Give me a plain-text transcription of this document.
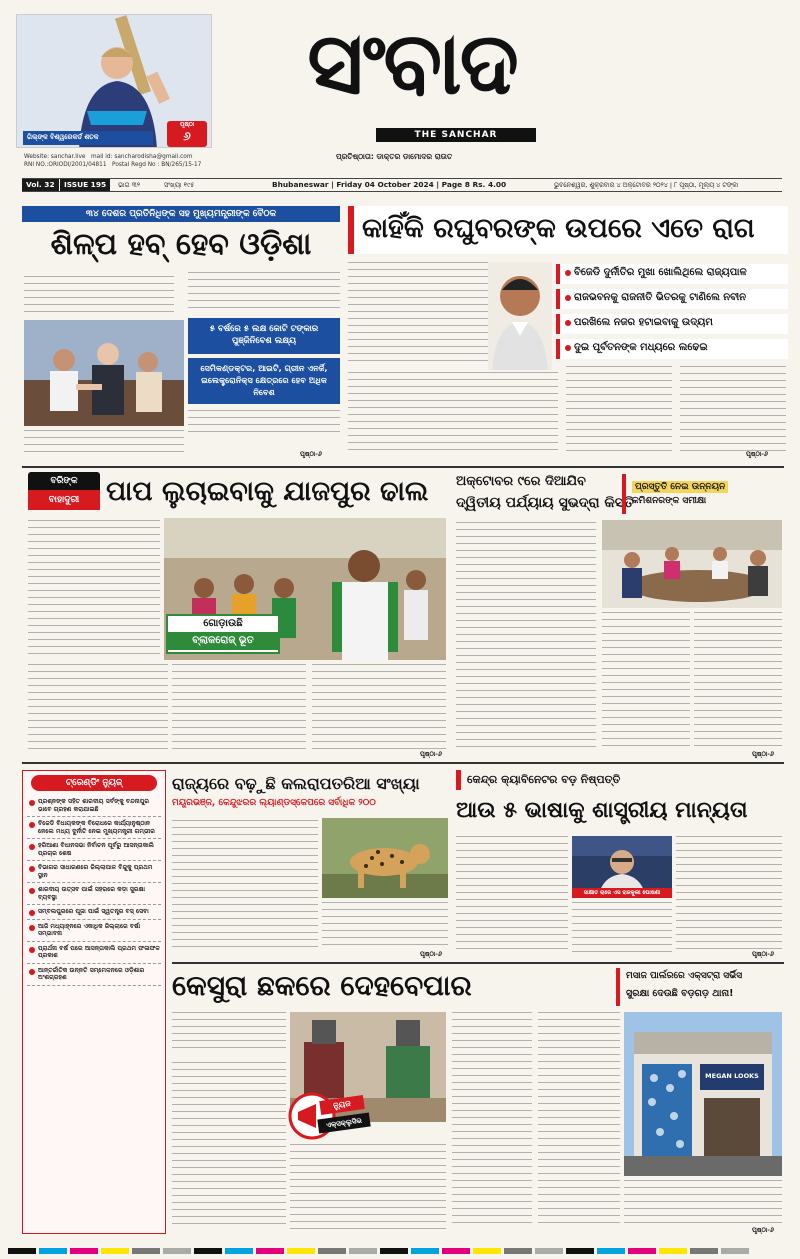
ଗିଲ୍ଙ୍କ ବିଶ୍ୱରେକର୍ଡ ଶତକ
ପୃଷ୍ଠା
୬
ସଂବାଦ
THE SANCHAR
ପ୍ରତିଷ୍ଠାତା: ଡାକ୍ତର ଡାମୋଦର ରାଉତ
Website: sanchar.live mail id: sancharodisha@gmail.com
RNI NO.:ORIODI/2001/04811 Postal Regd No : BN/265/15-17
Vol. 32	ISSUE 195	ଭାଗ ୩୨	ସଂଖ୍ୟା ୧୯୫	Bhubaneswar | Friday 04 October 2024 | Page 8 Rs. 4.00	ଭୁବନେଶ୍ୱର, ଶୁକ୍ରବାର ୪ ଅକ୍ଟୋବର ୨୦୨୪ | ୮ ପୃଷ୍ଠା, ମୂଲ୍ୟ ୪ ଟଙ୍କା
୩୪ ଦେଶର ପ୍ରତିନିଧିଙ୍କ ସହ ମୁଖ୍ୟମନ୍ତ୍ରୀଙ୍କ ବୈଠକ
ଶିଳ୍ପ ହବ୍ ହେବ ଓଡ଼ିଶା
୫ ବର୍ଷରେ ୫ ଲକ୍ଷ କୋଟି ଟଙ୍କାର ପୁଞ୍ଜିନିବେଶ ଲକ୍ଷ୍ୟ
ସେମିକଣ୍ଡକ୍ଟର, ଆଇଟି, ଗ୍ରୀନ ଏନର୍ଜି, ଇଲେକ୍ଟ୍ରୋନିକ୍ସ କ୍ଷେତ୍ରରେ ହେବ ଅଧିକ ନିବେଶ
ପୃଷ୍ଠା-୬
କାହିଁକି ରଘୁବରଙ୍କ ଉପରେ ଏତେ ରାଗ
ବିଜେଡି ଦୁର୍ନୀତିର ମୁଖା ଖୋଲିଥିଲେ ରାଜ୍ୟପାଳ
ରାଜଭବନକୁ ରାଜନୀତି ଭିତରକୁ ଟାଣିଲେ ନବୀନ
ପରଖିଲେ ନଜର ହଟାଇବାକୁ ଉଦ୍ୟମ
ଦୁଇ ପୂର୍ବତନଙ୍କ ମଧ୍ୟରେ ଲଢେଇ
ପୃଷ୍ଠା-୬
ବରିଙ୍କ
ବାହାଦୁରୀ ପାପ ଲୁଚାଇବାକୁ ଯାଜପୁର ଢାଲ
ଗୋଡ଼ାଉଛି
ବ୍ଲାକରୋଜ୍ ଭୂତ
ପୃଷ୍ଠା-୬
ଅକ୍ଟୋବର ୯ରେ ଦିଆଯିବ
ଦ୍ୱିତୀୟ ପର୍ଯ୍ୟାୟ ସୁଭଦ୍ରା କିସ୍ତି
ପ୍ରସ୍ତୁତି ନେଇ ଉନ୍ନୟନ
କମିଶନରଙ୍କ ସମୀକ୍ଷା
ପୃଷ୍ଠା-୬
ଟ୍ରେଣ୍ଡିଂ ନ୍ୟୁଜ୍
ପ୍ରଶ୍ନଙ୍କ ସହିତ ଶାରଦୀୟ ସର୍ବଙ୍କୁ ବନ୍ଦନାପୁର ଭାବେ ଗ୍ରହଣ କରାଯାଇଛି
ବିଜେଡି ବିଧାୟକଙ୍କ ବିରୋଧରେ କାର୍ଯ୍ୟାନୁଷ୍ଠାନ ନେଲେ ମଧ୍ୟ ଦୁର୍ନୀତି ନେଇ ମୁଖ୍ୟମନ୍ତ୍ରୀ ଗମ୍ଭୀର
ହରିଆଣା ବିଧାନସଭା ନିର୍ବାଚନ ପୂର୍ବରୁ ଆସନ୍ତାକାଲି ପ୍ରଚାର ଶେଷ
ବିଭାଗର ସାଧାରଣରେ ଜିଲ୍ଲାପାଳ ବିନ୍ଦୁକୁ ପ୍ରଥମ ସ୍ଥାନ
ଶାରଦୀୟ ଉତ୍ସବ ପାଇଁ ସହରରେ କଡ଼ା ସୁରକ୍ଷା ବ୍ୟବସ୍ଥା
ସମ୍ବଲପୁରରେ ପୂଜା ପାଇଁ ସ୍ୱତନ୍ତ୍ର ବସ୍ ସେବା
ଆଜି ମଧ୍ୟାହ୍ନରେ ଏକାଧିକ ଜିଲ୍ଲାରେ ବର୍ଷା ସମ୍ଭାବନା
ପ୍ରାର୍ଥନା ବର୍ଷ ପରେ ଆସନ୍ତାକାଲି ପ୍ରଥମ ଫଳାଫଳ ପ୍ରକାଶ
ଆନ୍ତର୍ଜାତିକ ଉନ୍ନତି ସମ୍ମେଳନରେ ଓଡ଼ିଶାର ଅଂଶଗ୍ରହଣ
ରାଜ୍ୟରେ ବଢ଼ୁଛି କଲରାପତରିଆ ସଂଖ୍ୟା
ମୟୂରଭଞ୍ଜ, କେନ୍ଦୁଝରର ଲ୍ୟାଣ୍ଡସ୍କେପରେ ସର୍ବାଧିକ ୨୦୦
ପୃଷ୍ଠା-୬
କେନ୍ଦ୍ର କ୍ୟାବିନେଟର ବଡ଼ ନିଷ୍ପତ୍ତି
ଆଉ ୫ ଭାଷାକୁ ଶାସ୍ତ୍ରୀୟ ମାନ୍ୟତା
ସାକ୍ଷାତ ରାଜେ ଏସ ରାଜକୁଲୀ ଘୋଷଣା
ପୃଷ୍ଠା-୬
କେସୁରା ଛକରେ ଦେହବେପାର	ମସାଜ ପାର୍ଲରରେ ଏକ୍ସଟ୍ରା ସର୍ଭିସ
ସୁରକ୍ଷା ଦେଉଛି ବଡ଼ଗଡ଼ ଥାନା!
ନ୍ୟୁଜ
ଏକ୍ସକ୍ଲୁସିଭ
MEGAN LOOKS
ପୃଷ୍ଠା-୬
